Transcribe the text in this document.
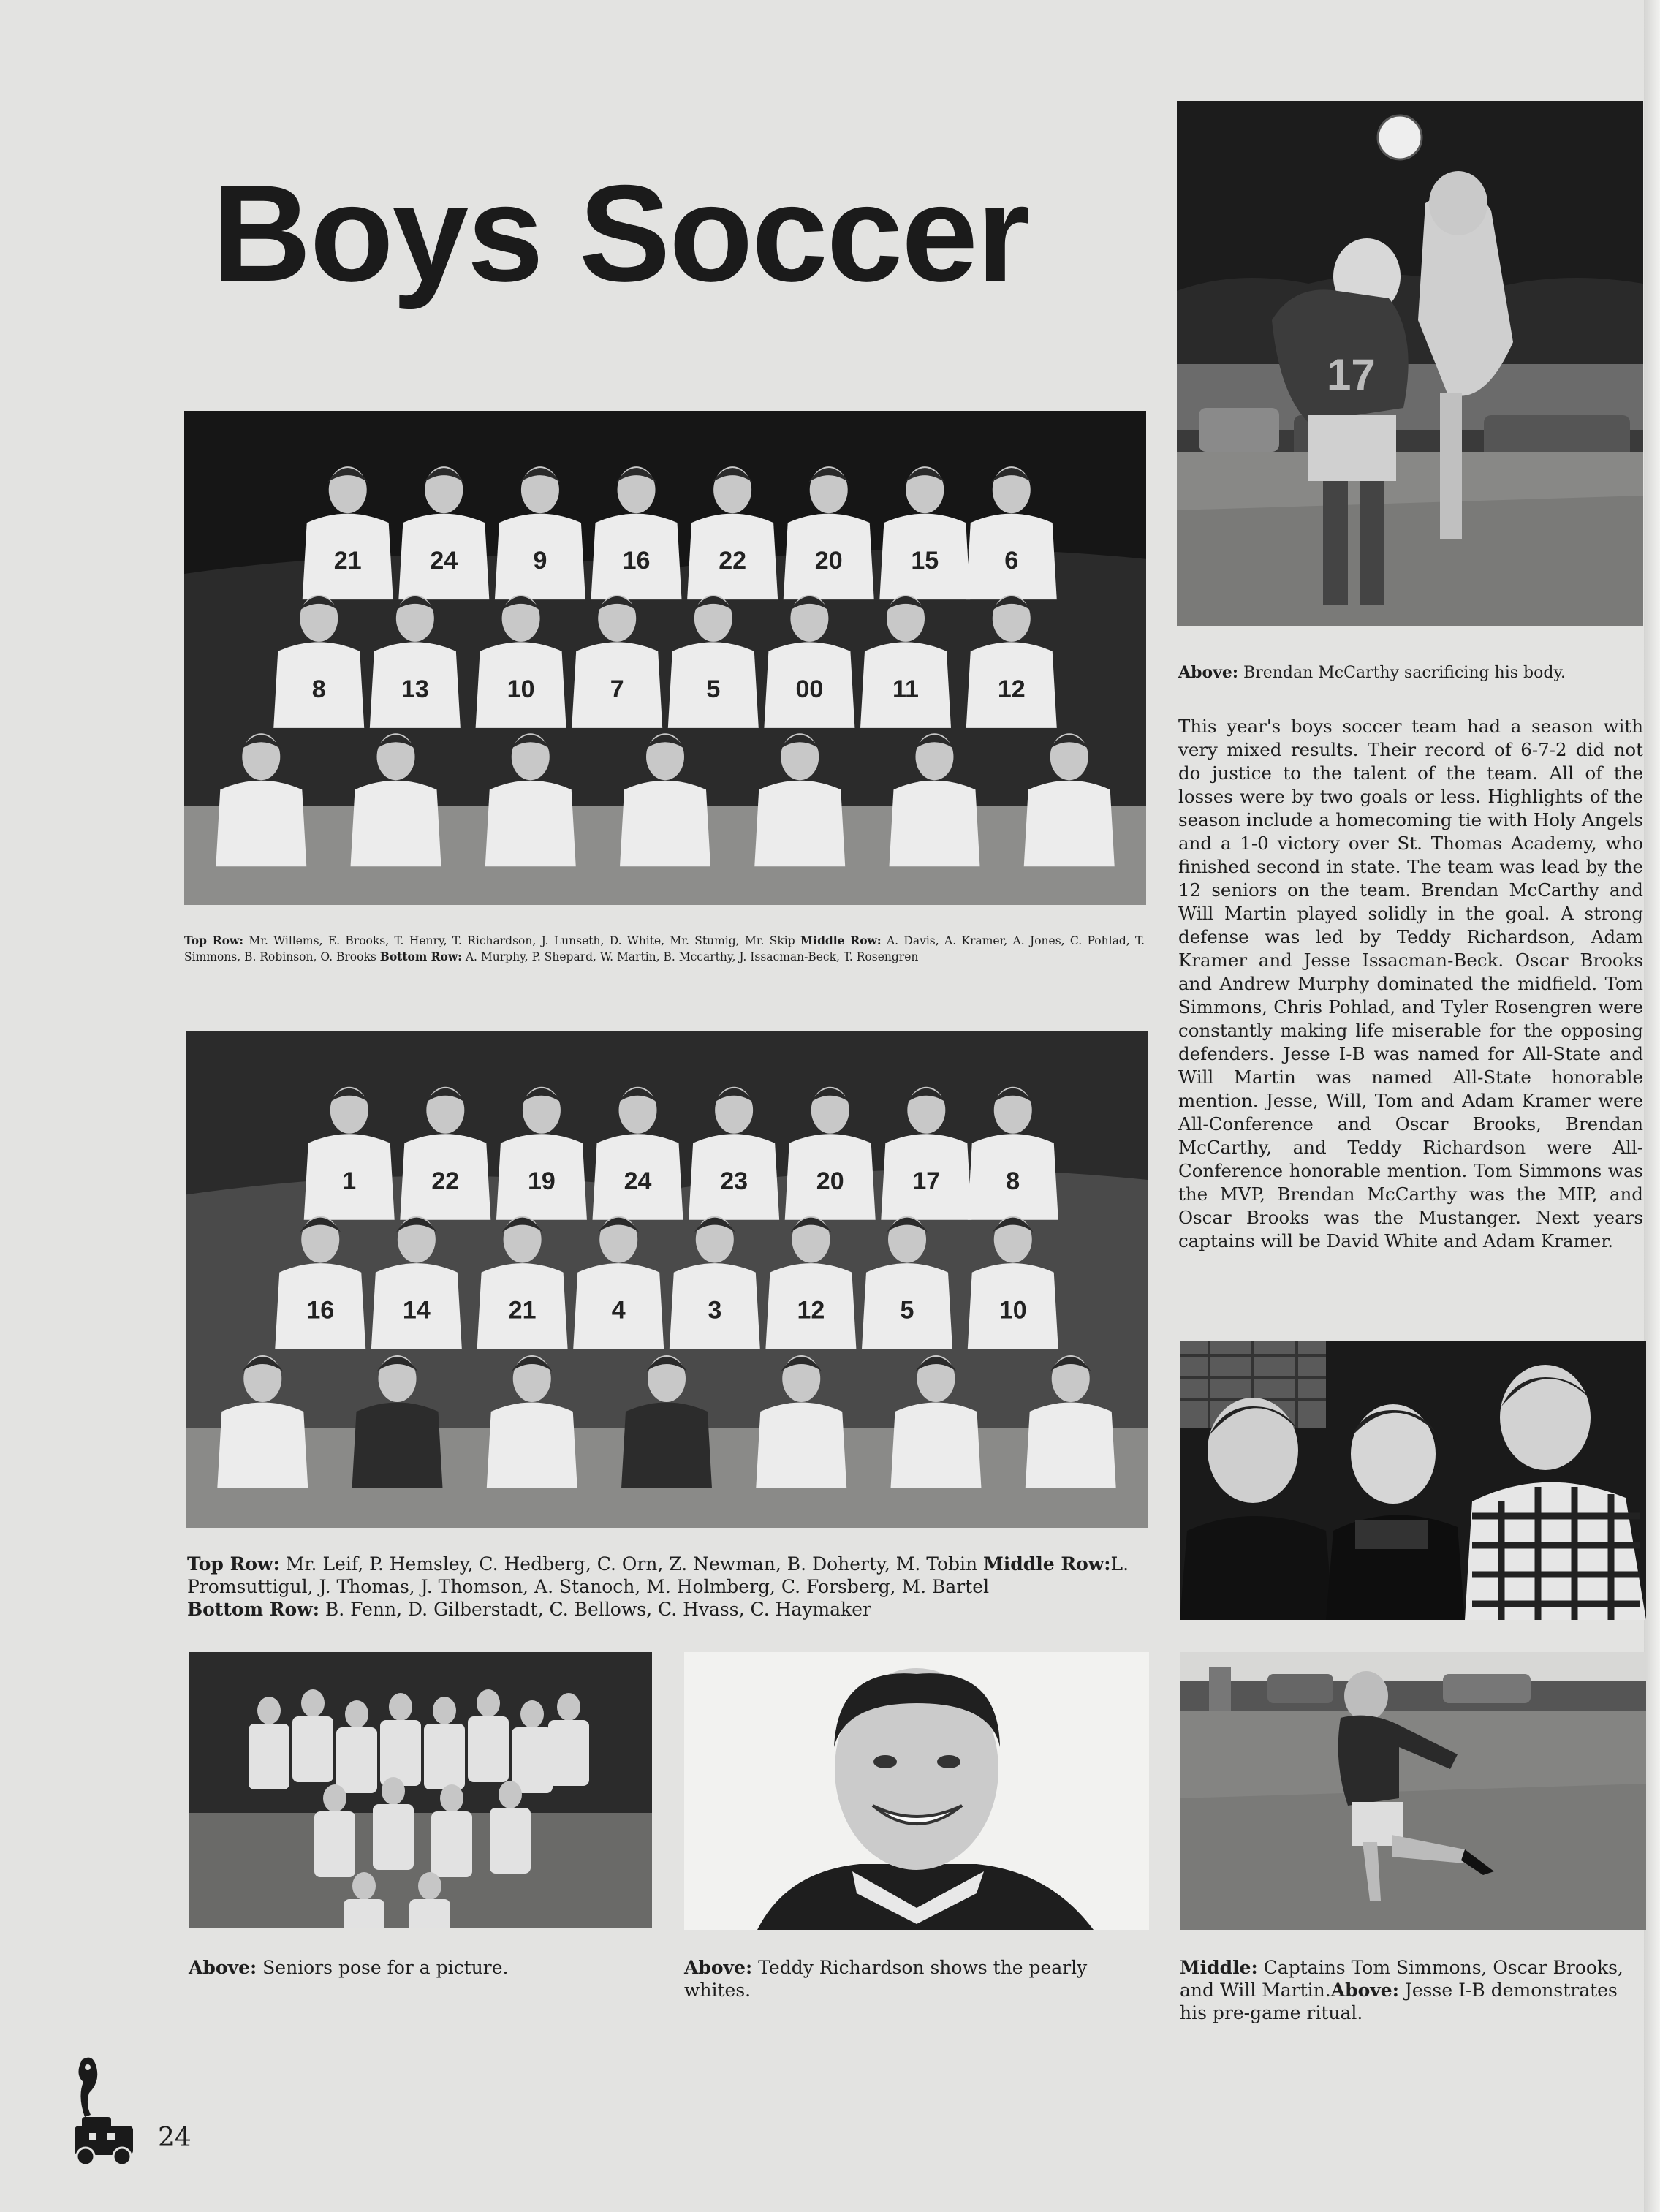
Boys Soccer
17
Above: Brendan McCarthy sacrificing his body.
21	24	9	16	22	20	15	6
8	13	10	7	5	00	11	12
Top Row: Mr. Willems, E. Brooks, T. Henry, T. Richardson, J. Lunseth, D. White, Mr. Stumig, Mr. Skip Middle Row: A. Davis, A. Kramer, A. Jones, C. Pohlad, T. Simmons, B. Robinson, O. Brooks Bottom Row: A. Murphy, P. Shepard, W. Martin, B. Mccarthy, J. Issacman-Beck, T. Rosengren
1	22	19	24	23	20	17	8
16	14	21	4	3	12	5	10
Top Row: Mr. Leif, P. Hemsley, C. Hedberg, C. Orn, Z. Newman, B. Doherty, M. Tobin Middle Row:L. Promsuttigul, J. Thomas, J. Thomson, A. Stanoch, M. Holmberg, C. Forsberg, M. Bartel
Bottom Row: B. Fenn, D. Gilberstadt, C. Bellows, C. Hvass, C. Haymaker
Above: Seniors pose for a picture.	Above: Teddy Richardson shows the pearly whites.
Middle: Captains Tom Simmons, Oscar Brooks, and Will Martin.Above: Jesse I-B demonstrates his pre-game ritual.
This year's boys soccer team had a season with very mixed results. Their record of 6-7-2 did not do justice to the talent of the team. All of the losses were by two goals or less. Highlights of the season include a homecoming tie with Holy Angels and a 1-0 victory over St. Thomas Academy, who finished second in state. The team was lead by the 12 seniors on the team. Brendan McCarthy and Will Martin played solidly in the goal. A strong defense was led by Teddy Richardson, Adam Kramer and Jesse Issacman-Beck. Oscar Brooks and Andrew Murphy dominated the midfield. Tom Simmons, Chris Pohlad, and Tyler Rosengren were constantly making life miserable for the opposing defenders. Jesse I-B was named for All-State and Will Martin was named All-State honorable mention. Jesse, Will, Tom and Adam Kramer were All-Conference and Oscar Brooks, Brendan McCarthy, and Teddy Richardson were All-Conference honorable mention. Tom Simmons was the MVP, Brendan McCarthy was the MIP, and Oscar Brooks was the Mustanger. Next years captains will be David White and Adam Kramer.
24
